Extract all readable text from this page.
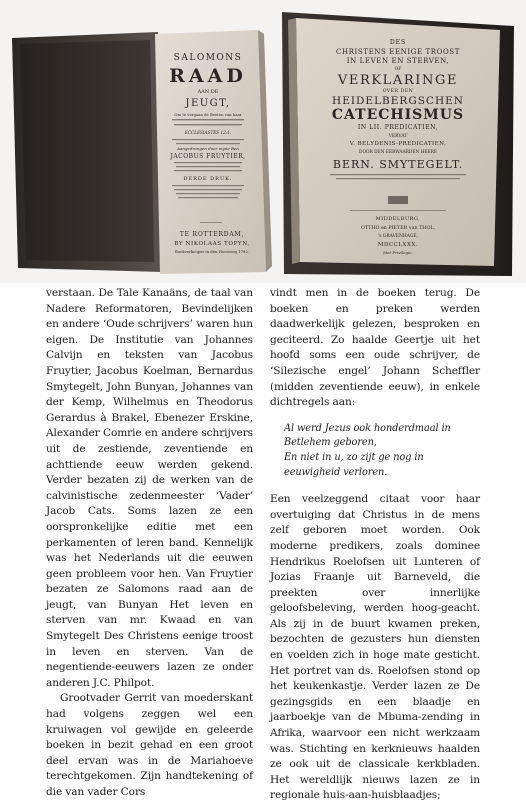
SALOMONS
RAAD
AAN DE
JEUGT,
Om te vergaan de Beeten van haar
ECCLESIASTES 12:1.
Aangedrongen door myne Ben
JACOBUS FRUYTIER,
DERDE DRUK.
TE ROTTERDAM,
BY NIKOLAAS TOPYN,
Boekverkooper in den Hoesteeg 1792.
DES
CHRISTENS EENIGE TROOST
IN LEVEN EN STERVEN,
OF
VERKLARINGE
OVER DEN
HEIDELBERGSCHEN
CATECHISMUS
IN LII. PREDICATIEN,
VERVAT
V. BELYDENIS-PREDICATIEN,
DOOR DEN EERWAARDEN HEERE
BERN. SMYTEGELT.
MIDDELBURG,
OTTHO en PIETER van THOL,
's GRAVENHAGE,
MDCCLXXX.
Met Privilegie.

verstaan. De Tale Kanaäns, de taal van Nadere Reformatoren, Bevindelijken en andere ‘Oude schrijvers’ waren hun eigen. De Institutie van Johannes Calvijn en teksten van Jacobus Fruytier, Jacobus Koelman, Bernardus Smytegelt, John Bunyan, Johannes van der Kemp, Wilhelmus en Theodorus Gerardus à Brakel, Ebenezer Erskine, Alexander Comrie en andere schrijvers uit de zestiende, zeventiende en achttiende eeuw werden gekend. Verder bezaten zij de werken van de calvinistische zedenmeester ‘Vader’ Jacob Cats. Soms lazen ze een oorspronkelijke editie met een perkamenten of leren band. Kennelijk was het Nederlands uit die eeuwen geen probleem voor hen. Van Fruytier bezaten ze Salomons raad aan de jeugt, van Bunyan Het leven en sterven van mr. Kwaad en van Smytegelt Des Christens eenige troost in leven en sterven. Van de negentiende-eeuwers lazen ze onder anderen J.C. Philpot.

Grootvader Gerrit van moederskant had volgens zeggen wel een kruiwagen vol gewijde en geleerde boeken in bezit gehad en een groot deel ervan was in de Mariahoeve terechtgekomen. Zijn handtekening of die van vader Cors

vindt men in de boeken terug. De boeken en preken werden daadwerkelijk gelezen, besproken en geciteerd. Zo haalde Geertje uit het hoofd soms een oude schrijver, de ‘Silezische engel’ Johann Scheffler (midden zeventiende eeuw), in enkele dichtregels aan:

Al werd Jezus ook honderdmaal in Betlehem geboren,
En niet in u, zo zijt ge nog in eeuwigheid verloren.

Een veelzeggend citaat voor haar overtuiging dat Christus in de mens zelf geboren moet worden. Ook moderne predikers, zoals dominee Hendrikus Roelofsen uit Lunteren of Jozias Fraanje uit Barneveld, die preekten over innerlijke geloofsbeleving, werden hoog-geacht. Als zij in de buurt kwamen preken, bezochten de gezusters hun diensten en voelden zich in hoge mate gesticht. Het portret van ds. Roelofsen stond op het keukenkastje. Verder lazen ze De gezingsgids en een blaadje en jaarboekje van de Mbuma-zending in Afrika, waarvoor een nicht werkzaam was. Stichting en kerknieuws haalden ze ook uit de classicale kerkbladen. Het wereldlijk nieuws lazen ze in regionale huis-aan-huisblaadjes;
